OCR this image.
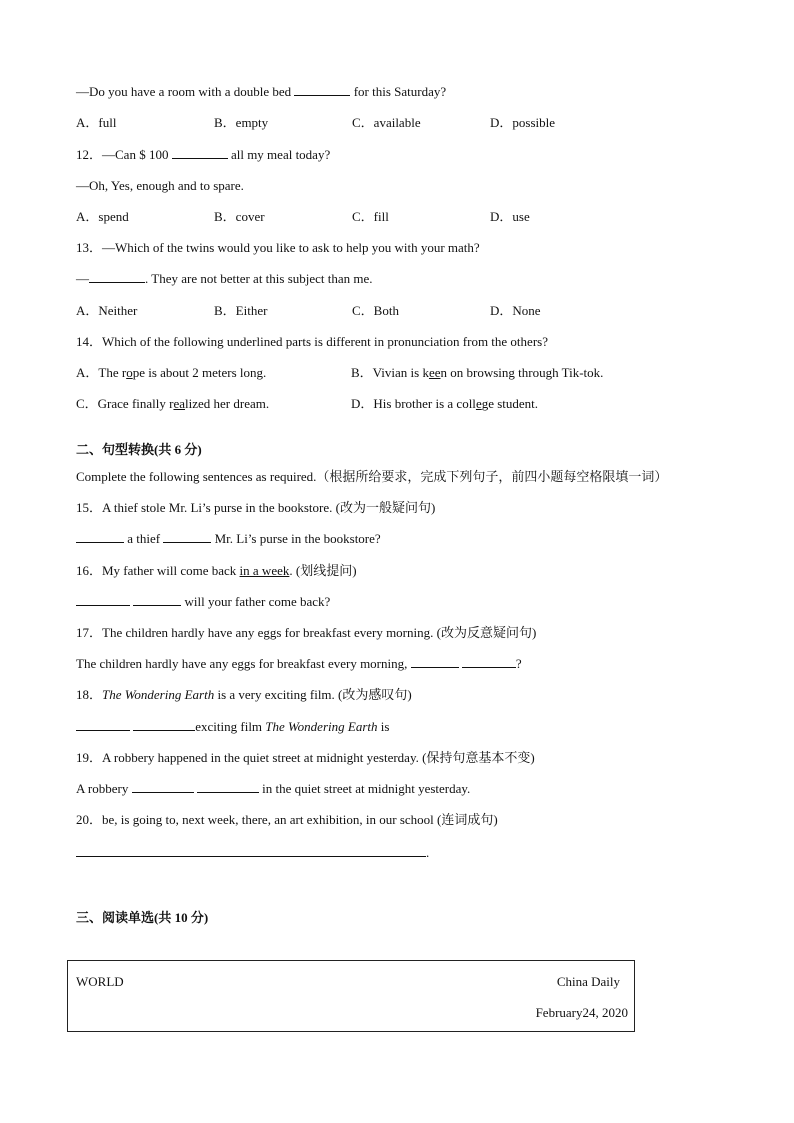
—Do you have a room with a double bed	for this Saturday?
A．full	B．empty	C．available	D．possible
12．—Can $ 100	all my meal today?
—Oh, Yes, enough and to spare.
A．spend	B．cover	C．fill	D．use
13．—Which of the twins would you like to ask to help you with your math?
—	. They are not better at this subject than me.
A．Neither	B．Either	C．Both	D．None
14．Which of the following underlined parts is different in pronunciation from the others?
A．The rope is about 2 meters long.	B．Vivian is keen on browsing through Tik-tok.
C．Grace finally realized her dream.	D．His brother is a college student.
二、句型转换(共 6 分)
Complete the following sentences as required.（根据所给要求，完成下列句子，前四小题每空格限填一词）
15．A thief stole Mr. Li’s purse in the bookstore. (改为一般疑问句)
a thief	Mr. Li’s purse in the bookstore?
16．My father will come back in a week. (划线提问)
will your father come back?
17．The children hardly have any eggs for breakfast every morning. (改为反意疑问句)
The children hardly have any eggs for breakfast every morning,	?
18．The Wondering Earth is a very exciting film. (改为感叹句)
exciting film The Wondering Earth is
19．A robbery happened in the quiet street at midnight yesterday. (保持句意基本不变)
A robbery	in the quiet street at midnight yesterday.
20．be, is going to, next week, there, an art exhibition, in our school (连词成句)
.
三、阅读单选(共 10 分)
WORLD	China Daily
February24, 2020
